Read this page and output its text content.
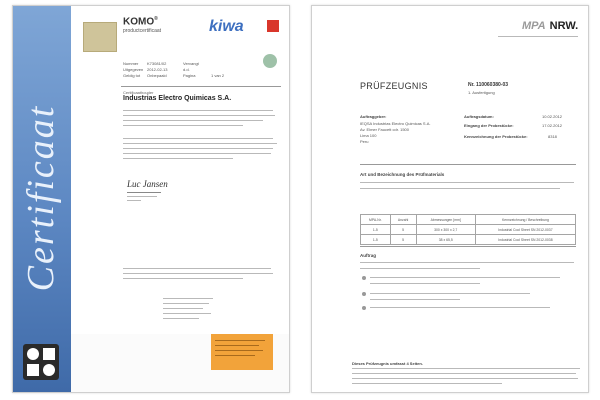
Certificaat
KOMO®
productcertificaat	kiwa
Nummer	K73081/02	Vervangt
Uitgegeven 2012-02-13	d.d.
Geldig tot	Onbepaald	Pagina	1 van 2
Certificaathouder
Industrias Electro Quimicas S.A.
Luc Jansen
MPA NRW.
PRÜFZEUGNIS	Nr. 110060380-03
1. Ausfertigung
Auftraggeber:
IEQSA Industrias Electro Quimicas S.A.
Av. Elmer Faucett cdr. 1500
Lima 100
Peru
Auftragsdatum:	10.02.2012
Eingang der Probestücke:	17.02.2012
Kennzeichnung der Probestücke:	8318
Art und Bezeichnung des Prüfmaterials
MPA-Nr.	Anzahl	Abmessungen [mm]	Kennzeichnung / Beschreibung
1-5	5	300 x 300 x 2,7	Industrial Cool Sheet SN 2012-0037
1-5	5	38 x 65,5	Industrial Cool Sheet SN 2012-0038
Auftrag
Dieses Prüfzeugnis umfasst 4 Seiten.
